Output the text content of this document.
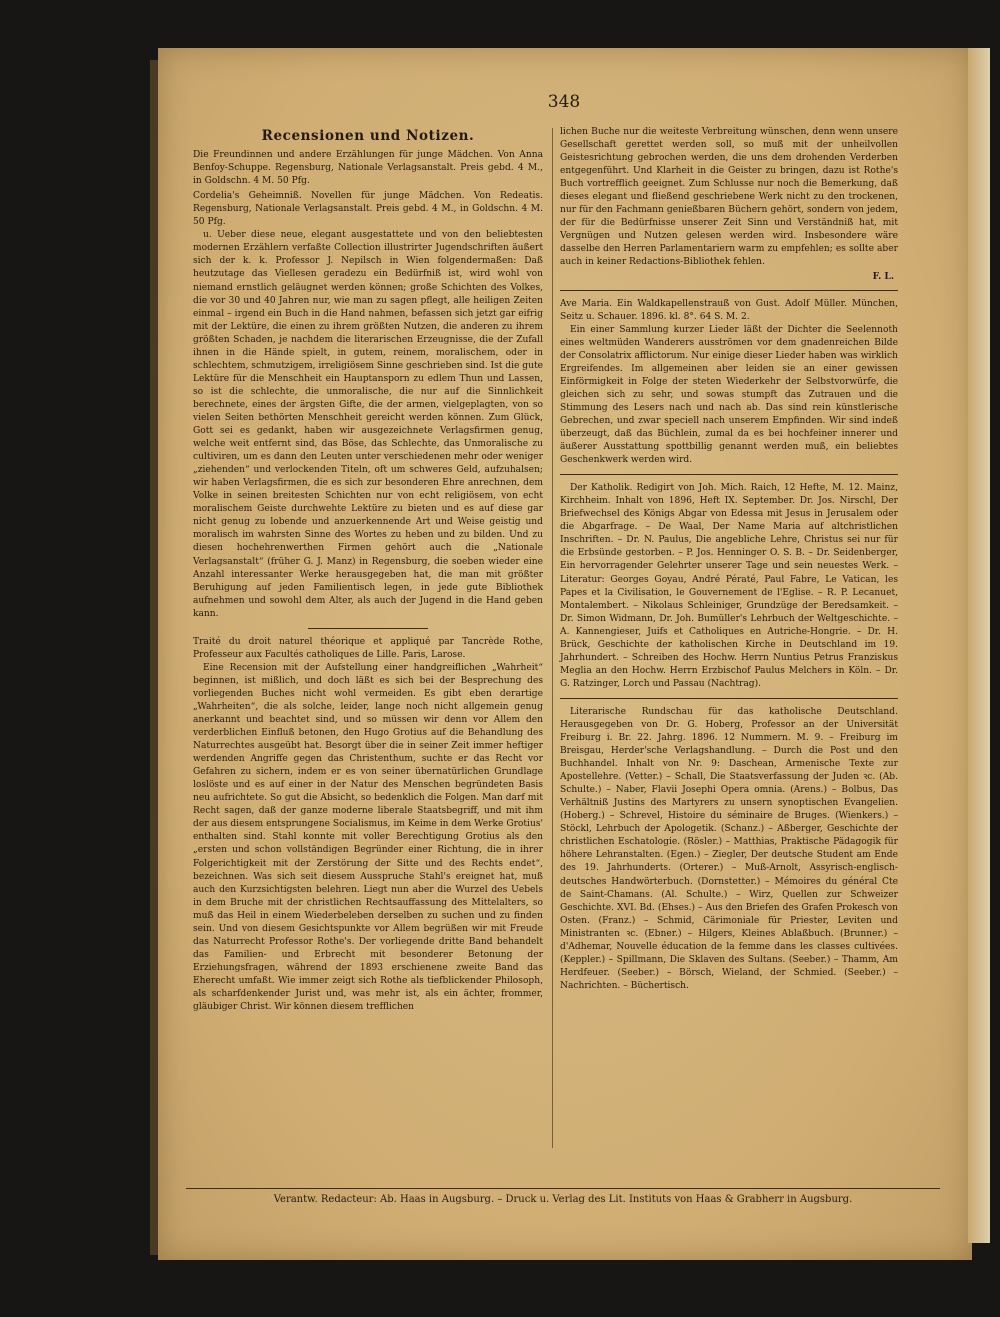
348
Recensionen und Notizen.

Die Freundinnen und andere Erzählungen für junge Mädchen. Von Anna Benfoy-Schuppe. Regensburg, Nationale Verlagsanstalt. Preis gebd. 4 M., in Goldschn. 4 M. 50 Pfg.

Cordelia's Geheimniß. Novellen für junge Mädchen. Von Redeatis. Regensburg, Nationale Verlagsanstalt. Preis gebd. 4 M., in Goldschn. 4 M. 50 Pfg.

u. Ueber diese neue, elegant ausgestattete und von den beliebtesten modernen Erzählern verfaßte Collection illustrirter Jugendschriften äußert sich der k. k. Professor J. Nepilsch in Wien folgendermaßen: Daß heutzutage das Viellesen geradezu ein Bedürfniß ist, wird wohl von niemand ernstlich geläugnet werden können; große Schichten des Volkes, die vor 30 und 40 Jahren nur, wie man zu sagen pflegt, alle heiligen Zeiten einmal – irgend ein Buch in die Hand nahmen, befassen sich jetzt gar eifrig mit der Lektüre, die einen zu ihrem größten Nutzen, die anderen zu ihrem größten Schaden, je nachdem die literarischen Erzeugnisse, die der Zufall ihnen in die Hände spielt, in gutem, reinem, moralischem, oder in schlechtem, schmutzigem, irreligiösem Sinne geschrieben sind. Ist die gute Lektüre für die Menschheit ein Hauptansporn zu edlem Thun und Lassen, so ist die schlechte, die unmoralische, die nur auf die Sinnlichkeit berechnete, eines der ärgsten Gifte, die der armen, vielgeplagten, von so vielen Seiten bethörten Menschheit gereicht werden können. Zum Glück, Gott sei es gedankt, haben wir ausgezeichnete Verlagsfirmen genug, welche weit entfernt sind, das Böse, das Schlechte, das Unmoralische zu cultiviren, um es dann den Leuten unter verschiedenen mehr oder weniger „ziehenden“ und verlockenden Titeln, oft um schweres Geld, aufzuhalsen; wir haben Verlagsfirmen, die es sich zur besonderen Ehre anrechnen, dem Volke in seinen breitesten Schichten nur von echt religiösem, von echt moralischem Geiste durchwehte Lektüre zu bieten und es auf diese gar nicht genug zu lobende und anzuerkennende Art und Weise geistig und moralisch im wahrsten Sinne des Wortes zu heben und zu bilden. Und zu diesen hochehrenwerthen Firmen gehört auch die „Nationale Verlagsanstalt“ (früher G. J. Manz) in Regensburg, die soeben wieder eine Anzahl interessanter Werke herausgegeben hat, die man mit größter Beruhigung auf jeden Familientisch legen, in jede gute Bibliothek aufnehmen und sowohl dem Alter, als auch der Jugend in die Hand geben kann.

Traité du droit naturel théorique et appliqué par Tancrède Rothe, Professeur aux Facultés catholiques de Lille. Paris, Larose.

Eine Recension mit der Aufstellung einer handgreiflichen „Wahrheit“ beginnen, ist mißlich, und doch läßt es sich bei der Besprechung des vorliegenden Buches nicht wohl vermeiden. Es gibt eben derartige „Wahrheiten“, die als solche, leider, lange noch nicht allgemein genug anerkannt und beachtet sind, und so müssen wir denn vor Allem den verderblichen Einfluß betonen, den Hugo Grotius auf die Behandlung des Naturrechtes ausgeübt hat. Besorgt über die in seiner Zeit immer heftiger werdenden Angriffe gegen das Christenthum, suchte er das Recht vor Gefahren zu sichern, indem er es von seiner übernatürlichen Grundlage loslöste und es auf einer in der Natur des Menschen begründeten Basis neu aufrichtete. So gut die Absicht, so bedenklich die Folgen. Man darf mit Recht sagen, daß der ganze moderne liberale Staatsbegriff, und mit ihm der aus diesem entsprungene Socialismus, im Keime in dem Werke Grotius' enthalten sind. Stahl konnte mit voller Berechtigung Grotius als den „ersten und schon vollständigen Begründer einer Richtung, die in ihrer Folgerichtigkeit mit der Zerstörung der Sitte und des Rechts endet“, bezeichnen. Was sich seit diesem Ausspruche Stahl's ereignet hat, muß auch den Kurzsichtigsten belehren. Liegt nun aber die Wurzel des Uebels in dem Bruche mit der christlichen Rechtsauffassung des Mittelalters, so muß das Heil in einem Wiederbeleben derselben zu suchen und zu finden sein. Und von diesem Gesichtspunkte vor Allem begrüßen wir mit Freude das Naturrecht Professor Rothe's. Der vorliegende dritte Band behandelt das Familien- und Erbrecht mit besonderer Betonung der Erziehungsfragen, während der 1893 erschienene zweite Band das Eherecht umfaßt. Wie immer zeigt sich Rothe als tiefblickender Philosoph, als scharfdenkender Jurist und, was mehr ist, als ein ächter, frommer, gläubiger Christ. Wir können diesem trefflichen

lichen Buche nur die weiteste Verbreitung wünschen, denn wenn unsere Gesellschaft gerettet werden soll, so muß mit der unheilvollen Geistesrichtung gebrochen werden, die uns dem drohenden Verderben entgegenführt. Und Klarheit in die Geister zu bringen, dazu ist Rothe's Buch vortrefflich geeignet. Zum Schlusse nur noch die Bemerkung, daß dieses elegant und fließend geschriebene Werk nicht zu den trockenen, nur für den Fachmann genießbaren Büchern gehört, sondern von jedem, der für die Bedürfnisse unserer Zeit Sinn und Verständniß hat, mit Vergnügen und Nutzen gelesen werden wird. Insbesondere wäre dasselbe den Herren Parlamentariern warm zu empfehlen; es sollte aber auch in keiner Redactions-Bibliothek fehlen.

F. L.

Ave Maria. Ein Waldkapellenstrauß von Gust. Adolf Müller. München, Seitz u. Schauer. 1896. kl. 8°. 64 S. M. 2.

Ein einer Sammlung kurzer Lieder läßt der Dichter die Seelennoth eines weltmüden Wanderers ausströmen vor dem gnadenreichen Bilde der Consolatrix afflictorum. Nur einige dieser Lieder haben was wirklich Ergreifendes. Im allgemeinen aber leiden sie an einer gewissen Einförmigkeit in Folge der steten Wiederkehr der Selbstvorwürfe, die gleichen sich zu sehr, und sowas stumpft das Zutrauen und die Stimmung des Lesers nach und nach ab. Das sind rein künstlerische Gebrechen, und zwar speciell nach unserem Empfinden. Wir sind indeß überzeugt, daß das Büchlein, zumal da es bei hochfeiner innerer und äußerer Ausstattung spottbillig genannt werden muß, ein beliebtes Geschenkwerk werden wird.

Der Katholik. Redigirt von Joh. Mich. Raich, 12 Hefte, M. 12. Mainz, Kirchheim. Inhalt von 1896, Heft IX. September. Dr. Jos. Nirschl, Der Briefwechsel des Königs Abgar von Edessa mit Jesus in Jerusalem oder die Abgarfrage. – De Waal, Der Name Maria auf altchristlichen Inschriften. – Dr. N. Paulus, Die angebliche Lehre, Christus sei nur für die Erbsünde gestorben. – P. Jos. Henninger O. S. B. – Dr. Seidenberger, Ein hervorragender Gelehrter unserer Tage und sein neuestes Werk. – Literatur: Georges Goyau, André Pératé, Paul Fabre, Le Vatican, les Papes et la Civilisation, le Gouvernement de l'Eglise. – R. P. Lecanuet, Montalembert. – Nikolaus Schleiniger, Grundzüge der Beredsamkeit. – Dr. Simon Widmann, Dr. Joh. Bumüller's Lehrbuch der Weltgeschichte. – A. Kannengieser, Juifs et Catholiques en Autriche-Hongrie. – Dr. H. Brück, Geschichte der katholischen Kirche in Deutschland im 19. Jahrhundert. – Schreiben des Hochw. Herrn Nuntius Petrus Franziskus Meglia an den Hochw. Herrn Erzbischof Paulus Melchers in Köln. – Dr. G. Ratzinger, Lorch und Passau (Nachtrag).

Literarische Rundschau für das katholische Deutschland. Herausgegeben von Dr. G. Hoberg, Professor an der Universität Freiburg i. Br. 22. Jahrg. 1896. 12 Nummern. M. 9. – Freiburg im Breisgau, Herder'sche Verlagshandlung. – Durch die Post und den Buchhandel. Inhalt von Nr. 9: Daschean, Armenische Texte zur Apostellehre. (Vetter.) – Schall, Die Staatsverfassung der Juden ꝛc. (Ab. Schulte.) – Naber, Flavii Josephi Opera omnia. (Arens.) – Bolbus, Das Verhältniß Justins des Martyrers zu unsern synoptischen Evangelien. (Hoberg.) – Schrevel, Histoire du séminaire de Bruges. (Wienkers.) – Stöckl, Lehrbuch der Apologetik. (Schanz.) – Aßberger, Geschichte der christlichen Eschatologie. (Rösler.) – Matthias, Praktische Pädagogik für höhere Lehranstalten. (Egen.) – Ziegler, Der deutsche Student am Ende des 19. Jahrhunderts. (Orterer.) – Muß-Arnolt, Assyrisch-englisch-deutsches Handwörterbuch. (Dornstetter.) – Mémoires du général Cte de Saint-Chamans. (Al. Schulte.) – Wirz, Quellen zur Schweizer Geschichte. XVI. Bd. (Ehses.) – Aus den Briefen des Grafen Prokesch von Osten. (Franz.) – Schmid, Cärimoniale für Priester, Leviten und Ministranten ꝛc. (Ebner.) – Hilgers, Kleines Ablaßbuch. (Brunner.) – d'Adhemar, Nouvelle éducation de la femme dans les classes cultivées. (Keppler.) – Spillmann, Die Sklaven des Sultans. (Seeber.) – Thamm, Am Herdfeuer. (Seeber.) – Börsch, Wieland, der Schmied. (Seeber.) – Nachrichten. – Büchertisch.

Verantw. Redacteur: Ab. Haas in Augsburg. – Druck u. Verlag des Lit. Instituts von Haas & Grabherr in Augsburg.
